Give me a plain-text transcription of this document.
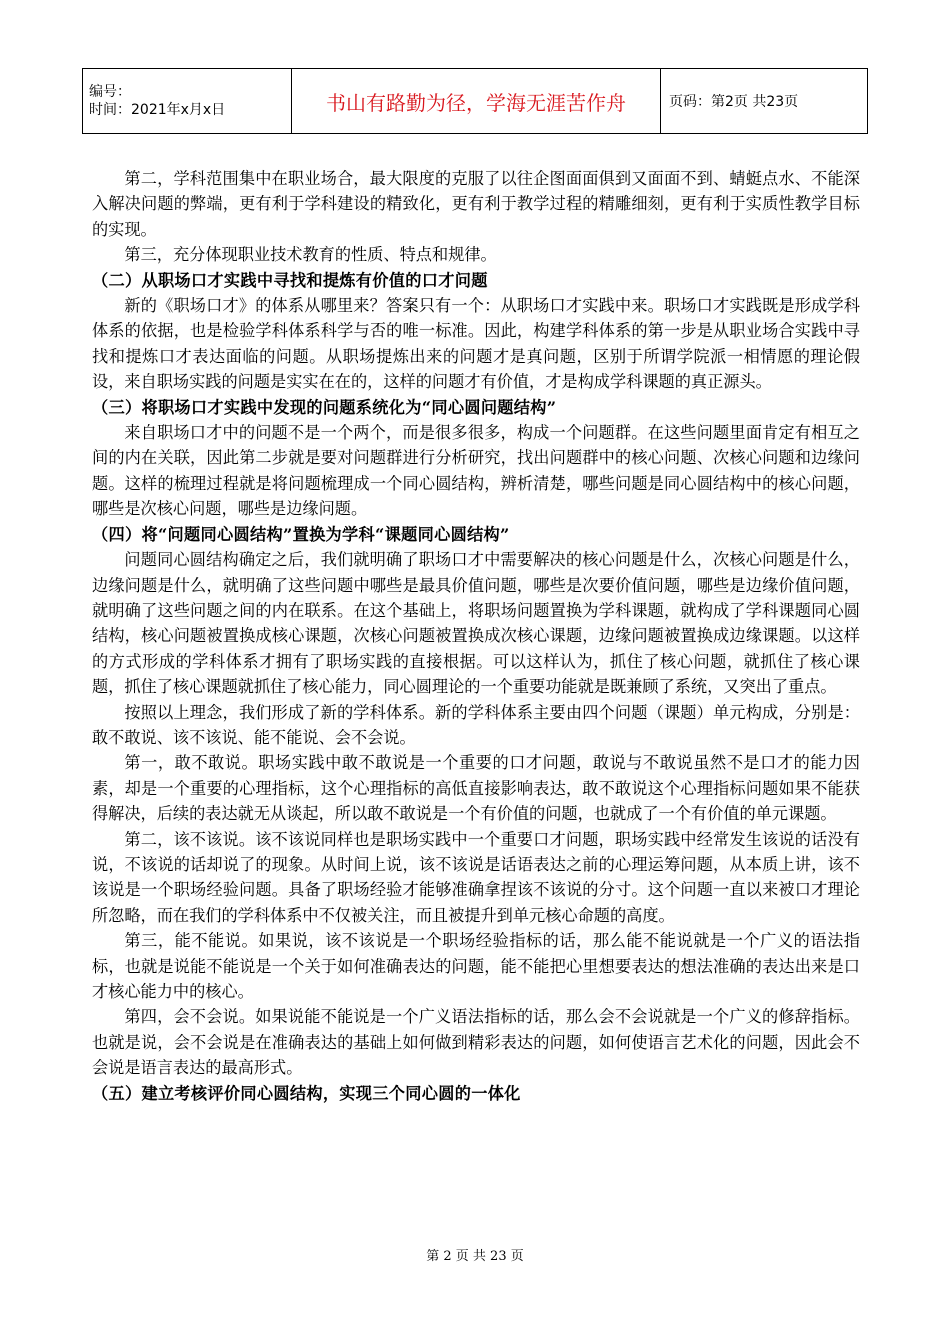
编号：
时间：2021年x月x日	书山有路勤为径，学海无涯苦作舟	页码：第2页 共23页

第二，学科范围集中在职业场合，最大限度的克服了以往企图面面俱到又面面不到、蜻蜓点水、不能深入解决问题的弊端，更有利于学科建设的精致化，更有利于教学过程的精雕细刻，更有利于实质性教学目标的实现。

第三，充分体现职业技术教育的性质、特点和规律。

（二）从职场口才实践中寻找和提炼有价值的口才问题

新的《职场口才》的体系从哪里来？答案只有一个：从职场口才实践中来。职场口才实践既是形成学科体系的依据，也是检验学科体系科学与否的唯一标准。因此，构建学科体系的第一步是从职业场合实践中寻找和提炼口才表达面临的问题。从职场提炼出来的问题才是真问题，区别于所谓学院派一相情愿的理论假设，来自职场实践的问题是实实在在的，这样的问题才有价值，才是构成学科课题的真正源头。

（三）将职场口才实践中发现的问题系统化为“同心圆问题结构”

来自职场口才中的问题不是一个两个，而是很多很多，构成一个问题群。在这些问题里面肯定有相互之间的内在关联，因此第二步就是要对问题群进行分析研究，找出问题群中的核心问题、次核心问题和边缘问题。这样的梳理过程就是将问题梳理成一个同心圆结构，辨析清楚，哪些问题是同心圆结构中的核心问题，哪些是次核心问题，哪些是边缘问题。

（四）将“问题同心圆结构”置换为学科“课题同心圆结构”

问题同心圆结构确定之后，我们就明确了职场口才中需要解决的核心问题是什么，次核心问题是什么，边缘问题是什么，就明确了这些问题中哪些是最具价值问题，哪些是次要价值问题，哪些是边缘价值问题，就明确了这些问题之间的内在联系。在这个基础上，将职场问题置换为学科课题，就构成了学科课题同心圆结构，核心问题被置换成核心课题，次核心问题被置换成次核心课题，边缘问题被置换成边缘课题。以这样的方式形成的学科体系才拥有了职场实践的直接根据。可以这样认为，抓住了核心问题，就抓住了核心课题，抓住了核心课题就抓住了核心能力，同心圆理论的一个重要功能就是既兼顾了系统，又突出了重点。

按照以上理念，我们形成了新的学科体系。新的学科体系主要由四个问题（课题）单元构成，分别是：敢不敢说、该不该说、能不能说、会不会说。

第一，敢不敢说。职场实践中敢不敢说是一个重要的口才问题，敢说与不敢说虽然不是口才的能力因素，却是一个重要的心理指标，这个心理指标的高低直接影响表达，敢不敢说这个心理指标问题如果不能获得解决，后续的表达就无从谈起，所以敢不敢说是一个有价值的问题，也就成了一个有价值的单元课题。

第二，该不该说。该不该说同样也是职场实践中一个重要口才问题，职场实践中经常发生该说的话没有说，不该说的话却说了的现象。从时间上说，该不该说是话语表达之前的心理运筹问题，从本质上讲，该不该说是一个职场经验问题。具备了职场经验才能够准确拿捏该不该说的分寸。这个问题一直以来被口才理论所忽略，而在我们的学科体系中不仅被关注，而且被提升到单元核心命题的高度。

第三，能不能说。如果说，该不该说是一个职场经验指标的话，那么能不能说就是一个广义的语法指标，也就是说能不能说是一个关于如何准确表达的问题，能不能把心里想要表达的想法准确的表达出来是口才核心能力中的核心。

第四，会不会说。如果说能不能说是一个广义语法指标的话，那么会不会说就是一个广义的修辞指标。也就是说，会不会说是在准确表达的基础上如何做到精彩表达的问题，如何使语言艺术化的问题，因此会不会说是语言表达的最高形式。

（五）建立考核评价同心圆结构，实现三个同心圆的一体化
第 2 页 共 23 页
